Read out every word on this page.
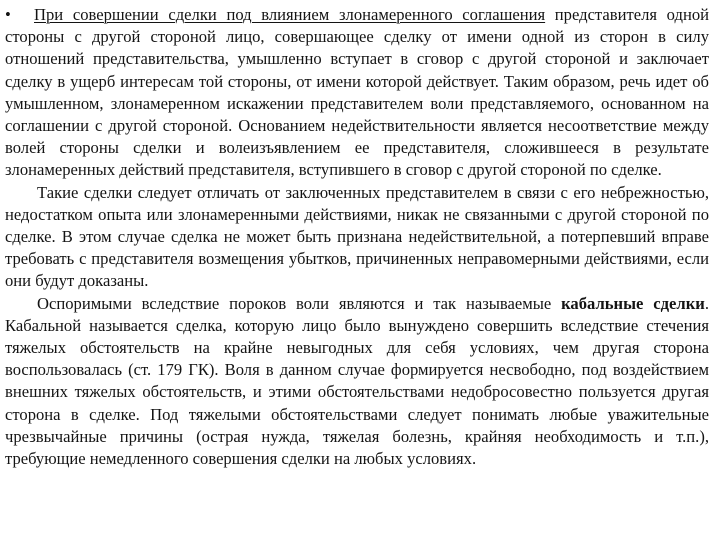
•	При совершении сделки под влиянием злонамеренного соглашения представителя одной стороны с другой стороной лицо, совершающее сделку от имени одной из сторон в силу отношений представительства, умышленно вступает в сговор с другой стороной и заключает сделку в ущерб интересам той стороны, от имени которой действует. Таким образом, речь идет об умышленном, злонамеренном искажении представителем воли представляемого, основанном на соглашении с другой стороной. Основанием недействительности является несоответствие между волей стороны сделки и волеизъявлением ее представителя, сложившееся в результате злонамеренных действий представителя, вступившего в сговор с другой стороной по сделке.

Такие сделки следует отличать от заключенных представителем в связи с его небрежностью, недостатком опыта или злонамеренными действиями, никак не связанными с другой стороной по сделке. В этом случае сделка не может быть признана недействительной, а потерпевший вправе требовать с представителя возмещения убытков, причиненных неправомерными действиями, если они будут доказаны.

Оспоримыми вследствие пороков воли являются и так называемые кабальные сделки. Кабальной называется сделка, которую лицо было вынуждено совершить вследствие стечения тяжелых обстоятельств на крайне невыгодных для себя условиях, чем другая сторона воспользовалась (ст. 179 ГК). Воля в данном случае формируется несвободно, под воздействием внешних тяжелых обстоятельств, и этими обстоятельствами недобросовестно пользуется другая сторона в сделке. Под тяжелыми обстоятельствами следует понимать любые уважительные чрезвычайные причины (острая нужда, тяжелая болезнь, крайняя необходимость и т.п.), требующие немедленного совершения сделки на любых условиях.
